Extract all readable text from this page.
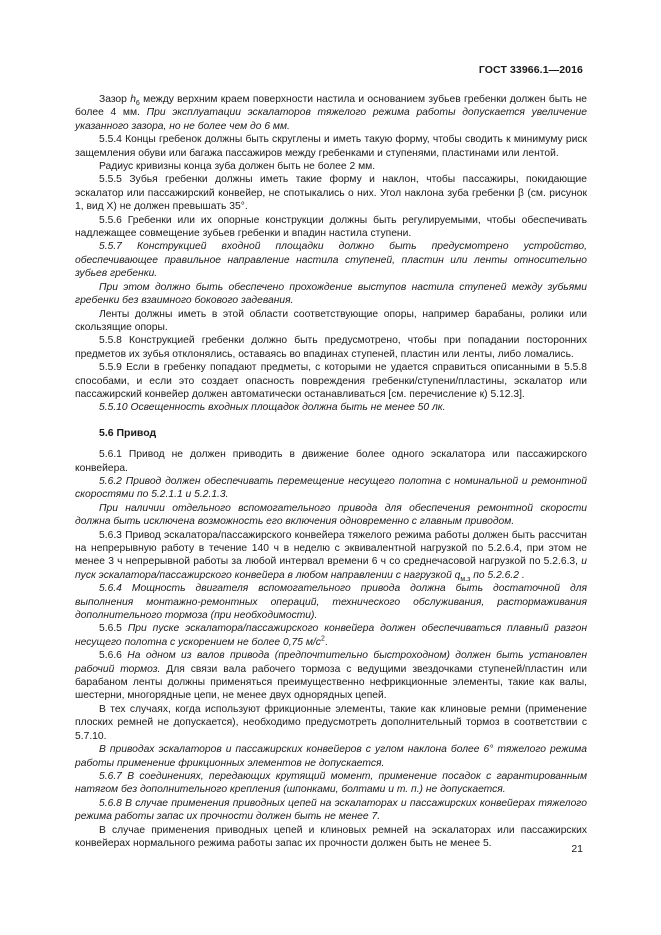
ГОСТ 33966.1—2016

Зазор $h_6$ между верхним краем поверхности настила и основанием зубьев гребенки должен быть не более 4 мм. При эксплуатации эскалаторов тяжелого режима работы допускается увеличение указанного зазора, но не более чем до 6 мм.

5.5.4 Концы гребенок должны быть скруглены и иметь такую форму, чтобы сводить к минимуму риск защемления обуви или багажа пассажиров между гребенками и ступенями, пластинами или лентой.

Радиус кривизны конца зуба должен быть не более 2 мм.

5.5.5 Зубья гребенки должны иметь такие форму и наклон, чтобы пассажиры, покидающие эскалатор или пассажирский конвейер, не спотыкались о них. Угол наклона зуба гребенки β (см. рисунок 1, вид Х) не должен превышать 35°.

5.5.6 Гребенки или их опорные конструкции должны быть регулируемыми, чтобы обеспечивать надлежащее совмещение зубьев гребенки и впадин настила ступени.

5.5.7 Конструкцией входной площадки должно быть предусмотрено устройство, обеспечивающее правильное направление настила ступеней, пластин или ленты относительно зубьев гребенки.

При этом должно быть обеспечено прохождение выступов настила ступеней между зубьями гребенки без взаимного бокового задевания.

Ленты должны иметь в этой области соответствующие опоры, например барабаны, ролики или скользящие опоры.

5.5.8 Конструкцией гребенки должно быть предусмотрено, чтобы при попадании посторонних предметов их зубья отклонялись, оставаясь во впадинах ступеней, пластин или ленты, либо ломались.

5.5.9 Если в гребенку попадают предметы, с которыми не удается справиться описанными в 5.5.8 способами, и если это создает опасность повреждения гребенки/ступени/пластины, эскалатор или пассажирский конвейер должен автоматически останавливаться [см. перечисление к) 5.12.3].

5.5.10 Освещенность входных площадок должна быть не менее 50 лк.

5.6 Привод

5.6.1 Привод не должен приводить в движение более одного эскалатора или пассажирского конвейера.

5.6.2 Привод должен обеспечивать перемещение несущего полотна с номинальной и ремонтной скоростями по 5.2.1.1 и 5.2.1.3.

При наличии отдельного вспомогательного привода для обеспечения ремонтной скорости должна быть исключена возможность его включения одновременно с главным приводом.

5.6.3 Привод эскалатора/пассажирского конвейера тяжелого режима работы должен быть рассчитан на непрерывную работу в течение 140 ч в неделю с эквивалентной нагрузкой по 5.2.6.4, при этом не менее 3 ч непрерывной работы за любой интервал времени 6 ч со среднечасовой нагрузкой по 5.2.6.3, и пуск эскалатора/пассажирского конвейера в любом направлении с нагрузкой $q_{м.з}$ по 5.2.6.2 .

5.6.4 Мощность двигателя вспомогательного привода должна быть достаточной для выполнения монтажно-ремонтных операций, технического обслуживания, растормаживания дополнительного тормоза (при необходимости).

5.6.5 При пуске эскалатора/пассажирского конвейера должен обеспечиваться плавный разгон несущего полотна с ускорением не более 0,75 $м/с^2$.

5.6.6 На одном из валов привода (предпочтительно быстроходном) должен быть установлен рабочий тормоз. Для связи вала рабочего тормоза с ведущими звездочками ступеней/пластин или барабаном ленты должны применяться преимущественно нефрикционные элементы, такие как валы, шестерни, многорядные цепи, не менее двух однорядных цепей.

В тех случаях, когда используют фрикционные элементы, такие как клиновые ремни (применение плоских ремней не допускается), необходимо предусмотреть дополнительный тормоз в соответствии с 5.7.10.

В приводах эскалаторов и пассажирских конвейеров с углом наклона более 6° тяжелого режима работы применение фрикционных элементов не допускается.

5.6.7 В соединениях, передающих крутящий момент, применение посадок с гарантированным натягом без дополнительного крепления (шпонками, болтами и т. п.) не допускается.

5.6.8 В случае применения приводных цепей на эскалаторах и пассажирских конвейерах тяжелого режима работы запас их прочности должен быть не менее 7.

В случае применения приводных цепей и клиновых ремней на эскалаторах или пассажирских конвейерах нормального режима работы запас их прочности должен быть не менее 5.	21
